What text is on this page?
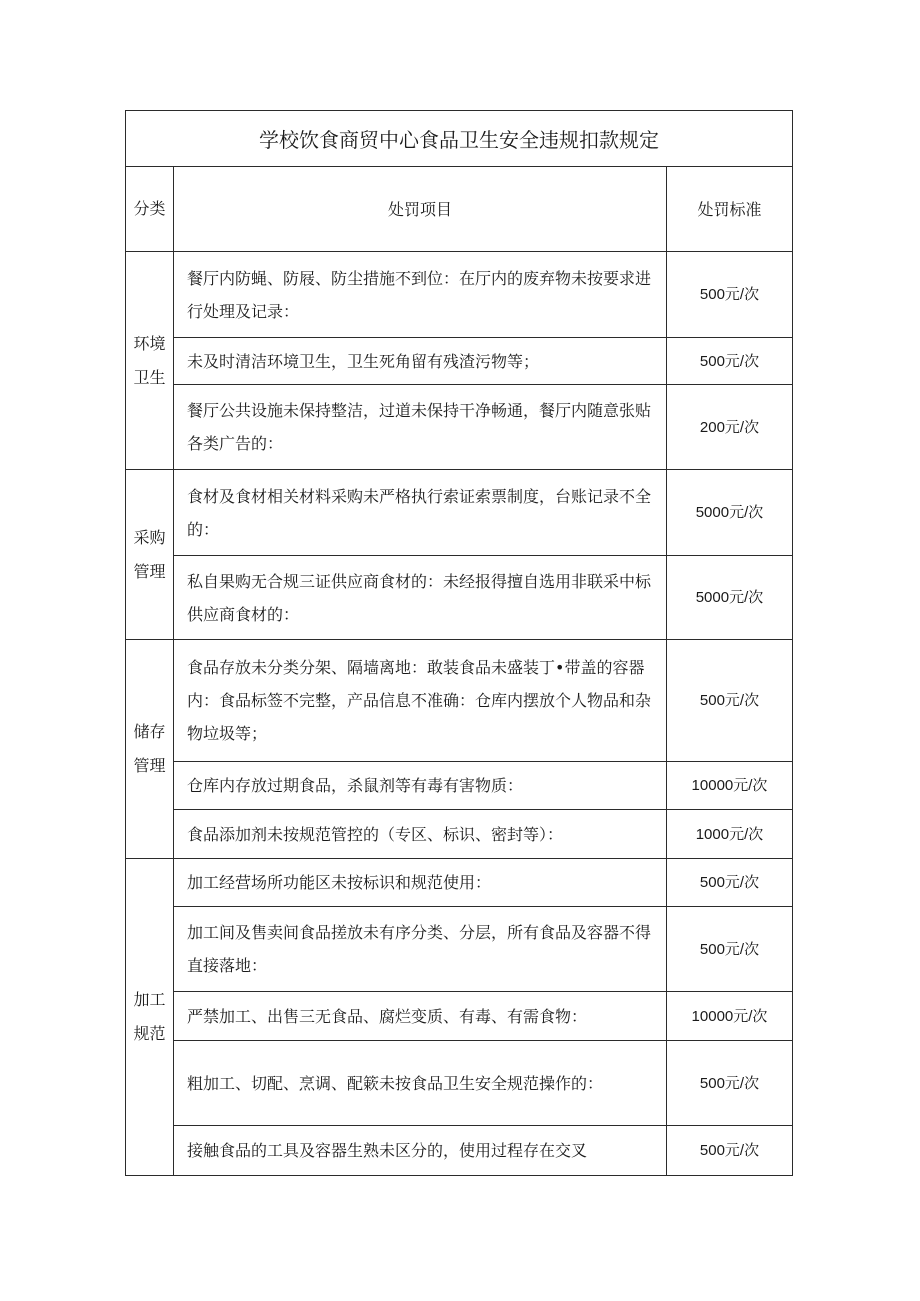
学校饮食商贸中心食品卫生安全违规扣款规定
分类	处罚项目	处罚标准
环境卫生
餐厅内防蝇、防屐、防尘措施不到位：在厅内的废弃物未按要求进行处理及记录：
500元/次
未及时清洁环境卫生，卫生死角留有残渣污物等；	500元/次
餐厅公共设施未保持整洁，过道未保持干净畅通，餐厅内随意张贴各类广告的：
200元/次
采购管理
食材及食材相关材料采购未严格执行索证索票制度，台账记录不全的：
5000元/次
私自果购无合规三证供应商食材的：未经报得擅自选用非联采中标供应商食材的：
5000元/次
储存管理
食品存放未分类分架、隔墙离地：敢装食品未盛装丁•带盖的容器内：食品标签不完整，产品信息不准确：仓库内摆放个人物品和杂物垃圾等；
500元/次
仓库内存放过期食品，杀鼠剂等有毒有害物质：	10000元/次
食品添加剂未按规范管控的（专区、标识、密封等）：	1000元/次
加工规范
加工经营场所功能区未按标识和规范使用：	500元/次
加工间及售卖间食品搓放未有序分类、分层，所有食品及容器不得直接落地：
500元/次
严禁加工、出售三无食品、腐烂变质、有毒、有需食物：	10000元/次
粗加工、切配、烹调、配簌未按食品卫生安全规范操作的：	500元/次
接触食品的工具及容器生熟未区分的，使用过程存在交叉	500元/次
